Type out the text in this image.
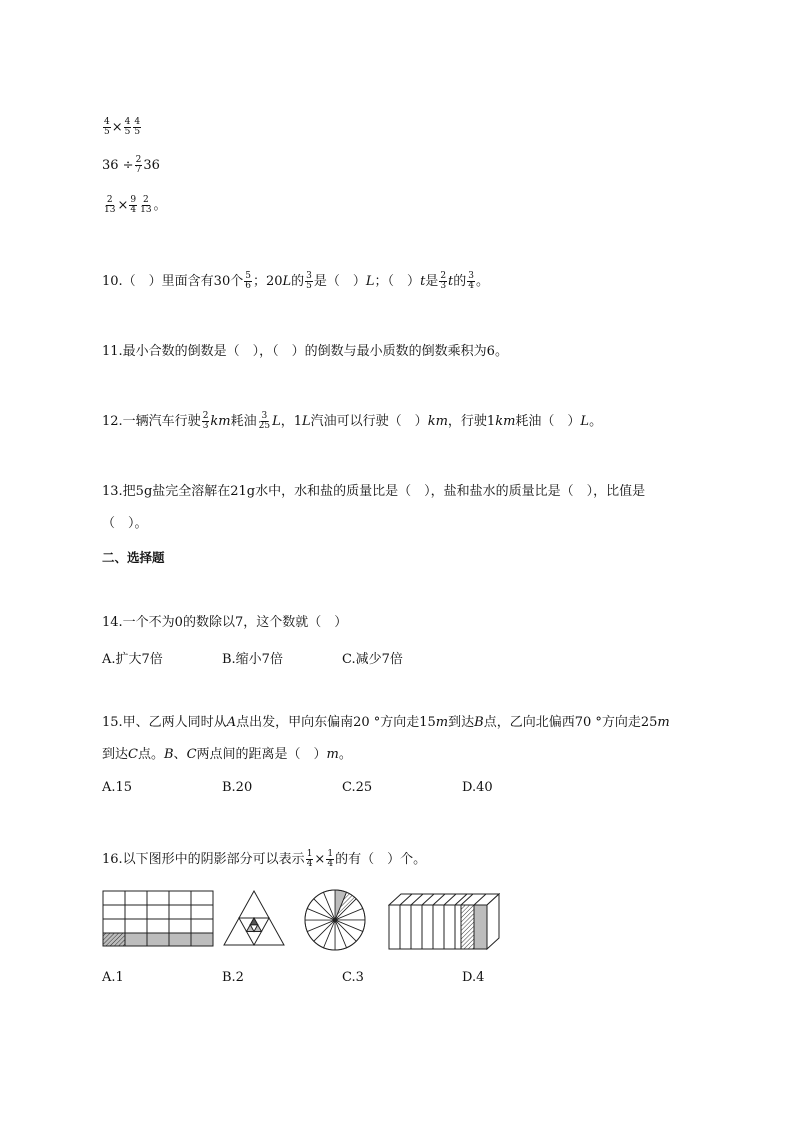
$\frac{4}{5} \times \frac{4}{5} \frac{4}{5}$
$36 \div \frac{2}{7} 36$
$\frac{2}{13} \times \frac{9}{4} \frac{2}{13}$ 。
10.（　）里面含有30个 $\frac{5}{6}$ ；20L的 $\frac{3}{5}$ 是（　）L；（　）t是 $\frac{2}{3}$ t的 $\frac{3}{4}$ 。
11.最小合数的倒数是（　），（　）的倒数与最小质数的倒数乘积为6。
12.一辆汽车行驶 $\frac{2}{3}$ km耗油 $\frac{3}{25}$ L，1L汽油可以行驶（　）km，行驶1km耗油（　）L。
13.把5g盐完全溶解在21g水中，水和盐的质量比是（　），盐和盐水的质量比是（　），比值是
（　）。
二、选择题
14.一个不为0的数除以7，这个数就（　）
A.扩大7倍	B.缩小7倍	C.减少7倍
15.甲、乙两人同时从A点出发，甲向东偏南20 °方向走15m到达B点，乙向北偏西70 °方向走25m
到达C点。B、C两点间的距离是（　）m。
A.15	B.20	C.25	D.40
16.以下图形中的阴影部分可以表示 $\frac{1}{4} \times \frac{1}{4}$ 的有（　）个。
A.1	B.2	C.3	D.4
